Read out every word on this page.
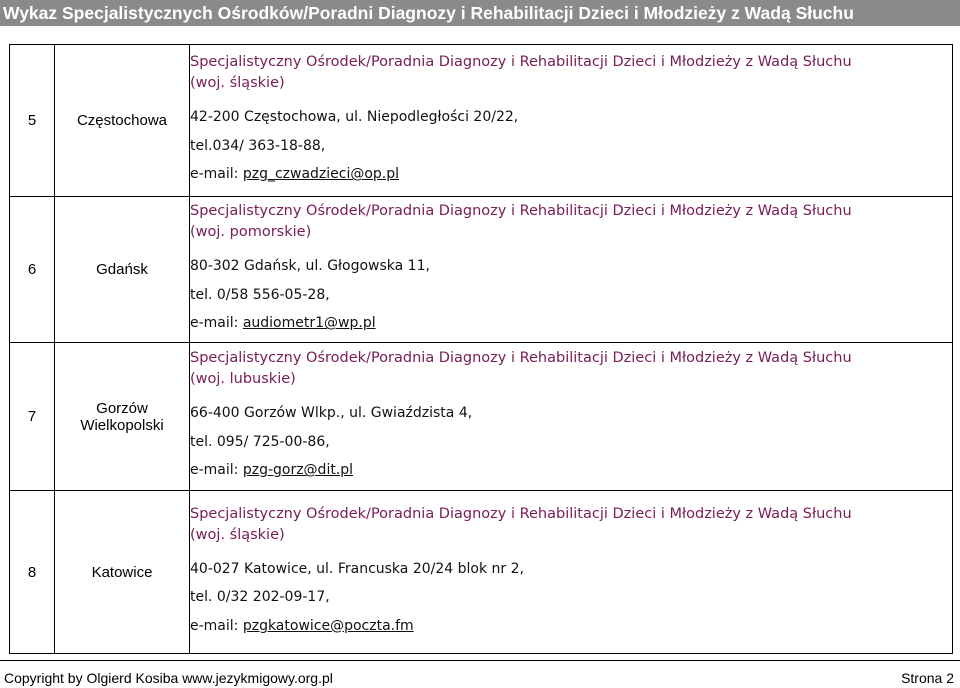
Wykaz Specjalistycznych Ośrodków/Poradni Diagnozy i Rehabilitacji Dzieci i Młodzieży z Wadą Słuchu
5	Częstochowa	Specjalistyczny Ośrodek/Poradnia Diagnozy i Rehabilitacji Dzieci i Młodzieży z Wadą Słuchu
(woj. śląskie)
42-200 Częstochowa, ul. Niepodległości 20/22,
tel.034/ 363-18-88,
e-mail: pzg_czwadzieci@op.pl

6	Gdańsk	Specjalistyczny Ośrodek/Poradnia Diagnozy i Rehabilitacji Dzieci i Młodzieży z Wadą Słuchu
(woj. pomorskie)
80-302 Gdańsk, ul. Głogowska 11,
tel. 0/58 556-05-28,
e-mail: audiometr1@wp.pl

7	Gorzów Wielkopolski	Specjalistyczny Ośrodek/Poradnia Diagnozy i Rehabilitacji Dzieci i Młodzieży z Wadą Słuchu
(woj. lubuskie)
66-400 Gorzów Wlkp., ul. Gwiaździsta 4,
tel. 095/ 725-00-86,
e-mail: pzg-gorz@dit.pl

8	Katowice	Specjalistyczny Ośrodek/Poradnia Diagnozy i Rehabilitacji Dzieci i Młodzieży z Wadą Słuchu
(woj. śląskie)
40-027 Katowice, ul. Francuska 20/24 blok nr 2,
tel. 0/32 202-09-17,
e-mail: pzgkatowice@poczta.fm
Copyright by Olgierd Kosiba www.jezykmigowy.org.pl	Strona 2
